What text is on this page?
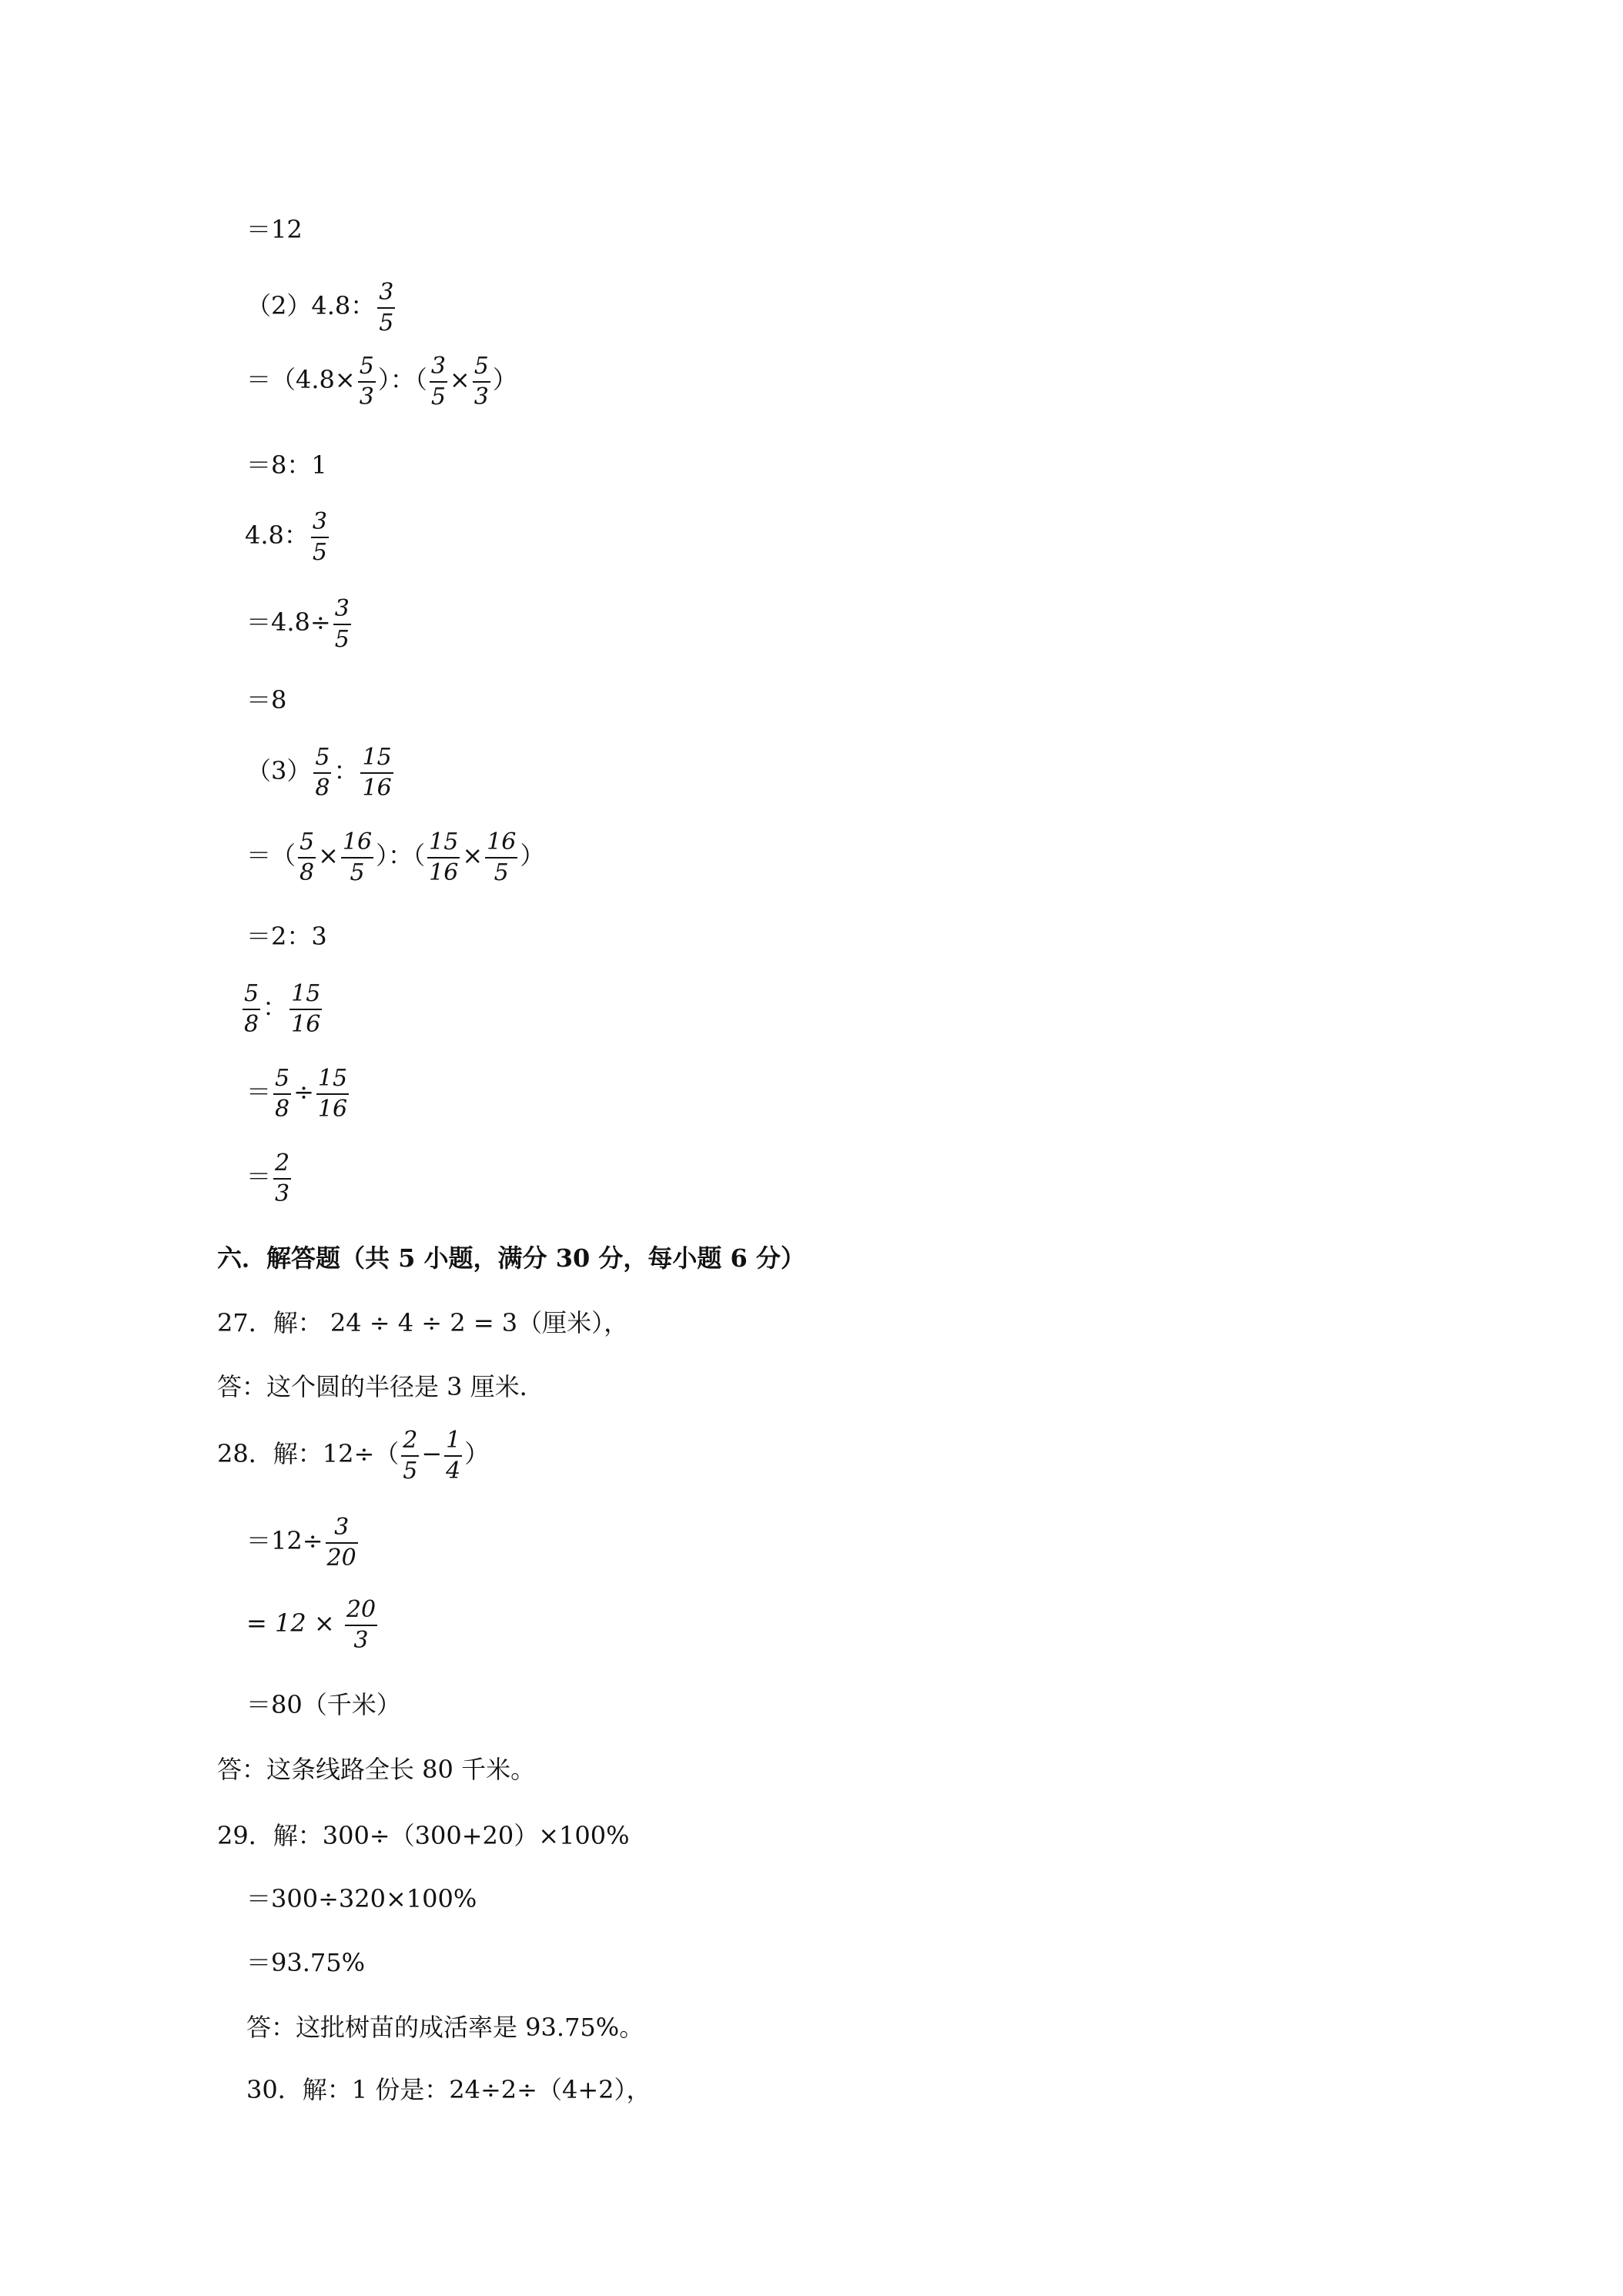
＝12
（2）4.8： $\frac{3}{5}$
$=(4.8\times \frac{5}{3}$ ）：（ $\frac{3}{5} \times \frac{5}{3}$ ）
＝8：1
4.8： $\frac{3}{5}$
$=4.8\div \frac{3}{5}$
＝8
$(3) \frac{5}{8}$ ： $\frac{15}{16}$
＝（ $\frac{5}{8} \times \frac{16}{5}$ ）：（ $\frac{15}{16} \times \frac{16}{5}$ ）
＝2：3
$\frac{5}{8}$ ： $\frac{15}{16}$
＝ $\frac{5}{8} \div \frac{15}{16}$
＝ $\frac{2}{3}$
六．解答题（共 5 小题，满分 30 分，每小题 6 分）
27．解： 24 ÷ 4 ÷ 2 = 3（厘米），
答：这个圆的半径是 3 厘米．
28．解：$12\div( \frac{2}{5} - \frac{1}{4}$ ）
$=12\div \frac{3}{20}$
= $12 \times \frac{20}{3}$
＝80（千米）
答：这条线路全长 80 千米。
29．解：300÷（300+20）×100%
＝300÷320×100%
＝93.75%
答：这批树苗的成活率是 93.75%。
30．解：1 份是：24÷2÷（4+2），
